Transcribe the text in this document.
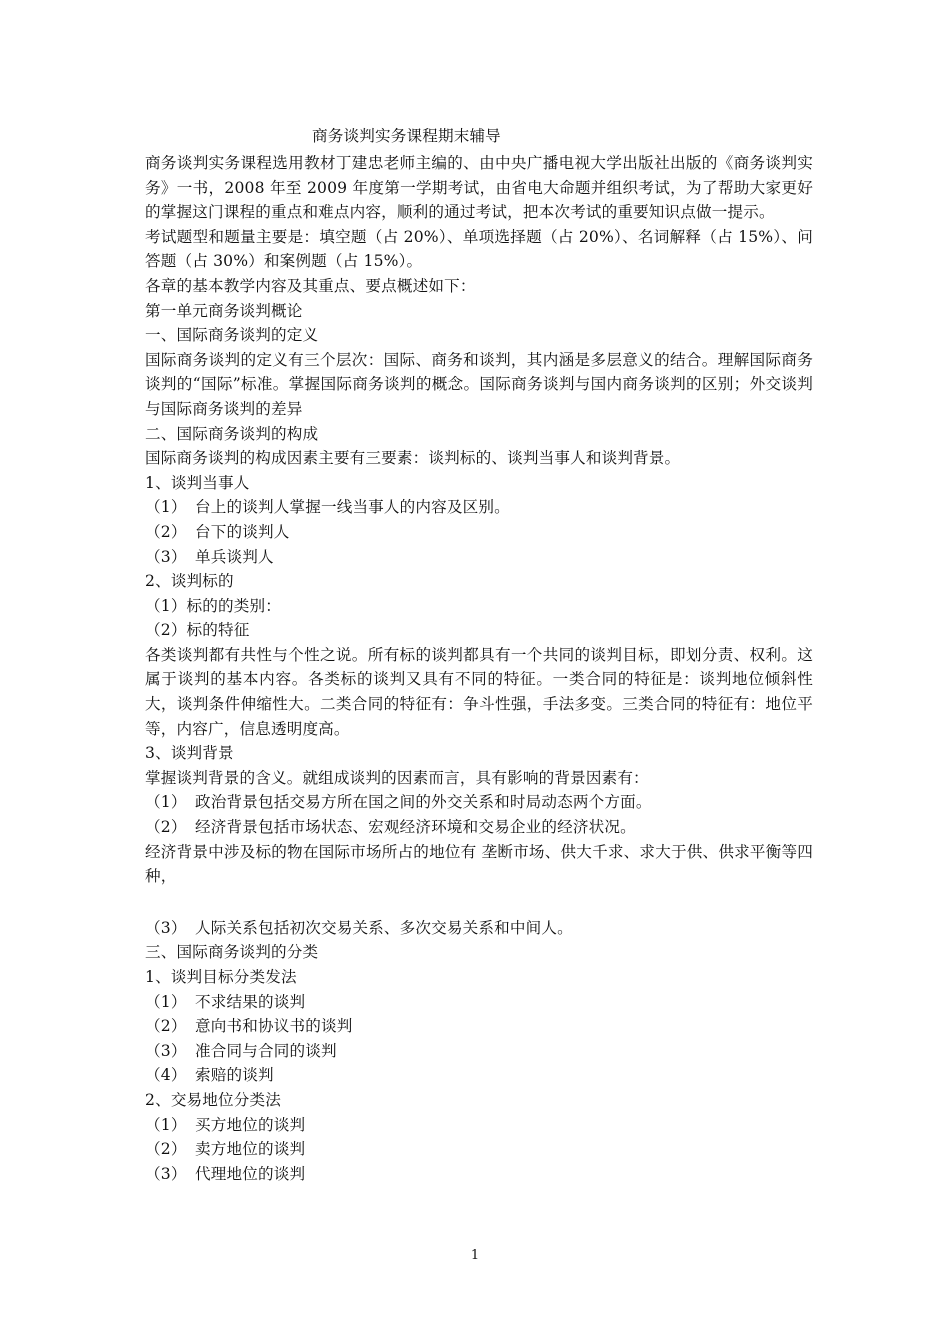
商务谈判实务课程期末辅导
商务谈判实务课程选用教材丁建忠老师主编的、由中央广播电视大学出版社出版的《商务谈判实务》一书，2008 年至 2009 年度第一学期考试，由省电大命题并组织考试，为了帮助大家更好的掌握这门课程的重点和难点内容，顺利的通过考试，把本次考试的重要知识点做一提示。
考试题型和题量主要是：填空题（占 20%）、单项选择题（占 20%）、名词解释（占 15%）、问答题（占 30%）和案例题（占 15%）。
各章的基本教学内容及其重点、要点概述如下：
第一单元商务谈判概论
一、国际商务谈判的定义
国际商务谈判的定义有三个层次：国际、商务和谈判，其内涵是多层意义的结合。理解国际商务谈判的“国际”标准。掌握国际商务谈判的概念。国际商务谈判与国内商务谈判的区别；外交谈判与国际商务谈判的差异
二、国际商务谈判的构成
国际商务谈判的构成因素主要有三要素：谈判标的、谈判当事人和谈判背景。
1、谈判当事人
（1） 台上的谈判人掌握一线当事人的内容及区别。
（2） 台下的谈判人
（3） 单兵谈判人
2、谈判标的
（1）标的的类别：
（2）标的特征
各类谈判都有共性与个性之说。所有标的谈判都具有一个共同的谈判目标，即划分责、权利。这属于谈判的基本内容。各类标的谈判又具有不同的特征。一类合同的特征是：谈判地位倾斜性大，谈判条件伸缩性大。二类合同的特征有：争斗性强，手法多变。三类合同的特征有：地位平等，内容广，信息透明度高。
3、谈判背景
掌握谈判背景的含义。就组成谈判的因素而言，具有影响的背景因素有：
（1） 政治背景包括交易方所在国之间的外交关系和时局动态两个方面。
（2） 经济背景包括市场状态、宏观经济环境和交易企业的经济状况。
经济背景中涉及标的物在国际市场所占的地位有 垄断市场、供大千求、求大于供、供求平衡等四种，
（3） 人际关系包括初次交易关系、多次交易关系和中间人。
三、国际商务谈判的分类
1、谈判目标分类发法
（1） 不求结果的谈判
（2） 意向书和协议书的谈判
（3） 准合同与合同的谈判
（4） 索赔的谈判
2、交易地位分类法
（1） 买方地位的谈判
（2） 卖方地位的谈判
（3） 代理地位的谈判
1
